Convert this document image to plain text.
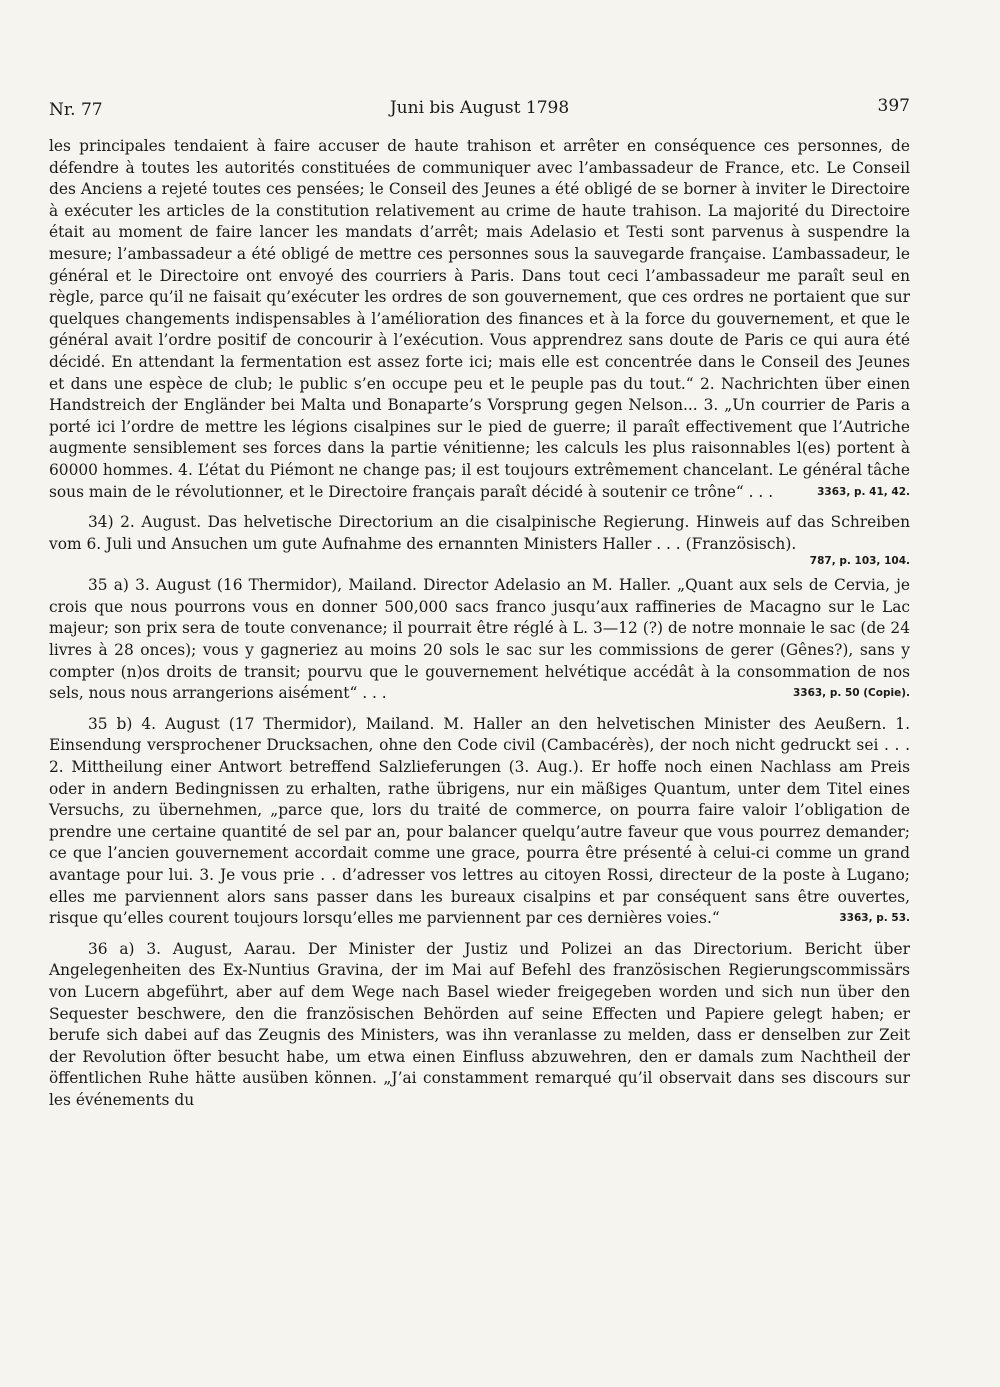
Nr. 77	Juni bis August 1798	397

les principales tendaient à faire accuser de haute trahison et arrêter en conséquence ces personnes, de défendre à toutes les autorités constituées de communiquer avec l’ambassadeur de France, etc. Le Conseil des Anciens a rejeté toutes ces pensées; le Conseil des Jeunes a été obligé de se borner à inviter le Directoire à exécuter les articles de la constitution relativement au crime de haute trahison. La majorité du Directoire était au moment de faire lancer les mandats d’arrêt; mais Adelasio et Testi sont parvenus à suspendre la mesure; l’ambassadeur a été obligé de mettre ces personnes sous la sauvegarde française. L’ambassadeur, le général et le Directoire ont envoyé des courriers à Paris. Dans tout ceci l’ambassadeur me paraît seul en règle, parce qu’il ne faisait qu’exécuter les ordres de son gouvernement, que ces ordres ne portaient que sur quelques changements indispensables à l’amélioration des finances et à la force du gouvernement, et que le général avait l’ordre positif de concourir à l’exécution. Vous apprendrez sans doute de Paris ce qui aura été décidé. En attendant la fermentation est assez forte ici; mais elle est concentrée dans le Conseil des Jeunes et dans une espèce de club; le public s’en occupe peu et le peuple pas du tout.“ 2. Nachrichten über einen Handstreich der Engländer bei Malta und Bonaparte’s Vorsprung gegen Nelson... 3. „Un courrier de Paris a porté ici l’ordre de mettre les légions cisalpines sur le pied de guerre; il paraît effectivement que l’Autriche augmente sensiblement ses forces dans la partie vénitienne; les calculs les plus raisonnables l(es) portent à 60000 hommes. 4. L’état du Piémont ne change pas; il est toujours extrêmement chancelant. Le général tâche sous main de le révolutionner, et le Directoire français paraît décidé à soutenir ce trône“ . . .	3363, p. 41, 42.

34) 2. August. Das helvetische Directorium an die cisalpinische Regierung. Hinweis auf das Schreiben vom 6. Juli und Ansuchen um gute Aufnahme des ernannten Ministers Haller . . . (Französisch).

787, p. 103, 104.

35 a) 3. August (16 Thermidor), Mailand. Director Adelasio an M. Haller. „Quant aux sels de Cervia, je crois que nous pourrons vous en donner 500,000 sacs franco jusqu’aux raffineries de Macagno sur le Lac majeur; son prix sera de toute convenance; il pourrait être réglé à L. 3—12 (?) de notre monnaie le sac (de 24 livres à 28 onces); vous y gagneriez au moins 20 sols le sac sur les commissions de gerer (Gênes?), sans y compter (n)os droits de transit; pourvu que le gouvernement helvétique accédât à la consommation de nos sels, nous nous arrangerions aisément“ . . .	3363, p. 50 (Copie).

35 b) 4. August (17 Thermidor), Mailand. M. Haller an den helvetischen Minister des Aeußern. 1. Einsendung versprochener Drucksachen, ohne den Code civil (Cambacérès), der noch nicht gedruckt sei . . . 2. Mittheilung einer Antwort betreffend Salzlieferungen (3. Aug.). Er hoffe noch einen Nachlass am Preis oder in andern Bedingnissen zu erhalten, rathe übrigens, nur ein mäßiges Quantum, unter dem Titel eines Versuchs, zu übernehmen, „parce que, lors du traité de commerce, on pourra faire valoir l’obligation de prendre une certaine quantité de sel par an, pour balancer quelqu’autre faveur que vous pourrez demander; ce que l’ancien gouvernement accordait comme une grace, pourra être présenté à celui-ci comme un grand avantage pour lui. 3. Je vous prie . . d’adresser vos lettres au citoyen Rossi, directeur de la poste à Lugano; elles me parviennent alors sans passer dans les bureaux cisalpins et par conséquent sans être ouvertes, risque qu’elles courent toujours lorsqu’elles me parviennent par ces dernières voies.“	3363, p. 53.

36 a) 3. August, Aarau. Der Minister der Justiz und Polizei an das Directorium. Bericht über Angelegenheiten des Ex-Nuntius Gravina, der im Mai auf Befehl des französischen Regierungscommissärs von Lucern abgeführt, aber auf dem Wege nach Basel wieder freigegeben worden und sich nun über den Sequester beschwere, den die französischen Behörden auf seine Effecten und Papiere gelegt haben; er berufe sich dabei auf das Zeugnis des Ministers, was ihn veranlasse zu melden, dass er denselben zur Zeit der Revolution öfter besucht habe, um etwa einen Einfluss abzuwehren, den er damals zum Nachtheil der öffentlichen Ruhe hätte ausüben können. „J’ai constamment remarqué qu’il observait dans ses discours sur les événements du
